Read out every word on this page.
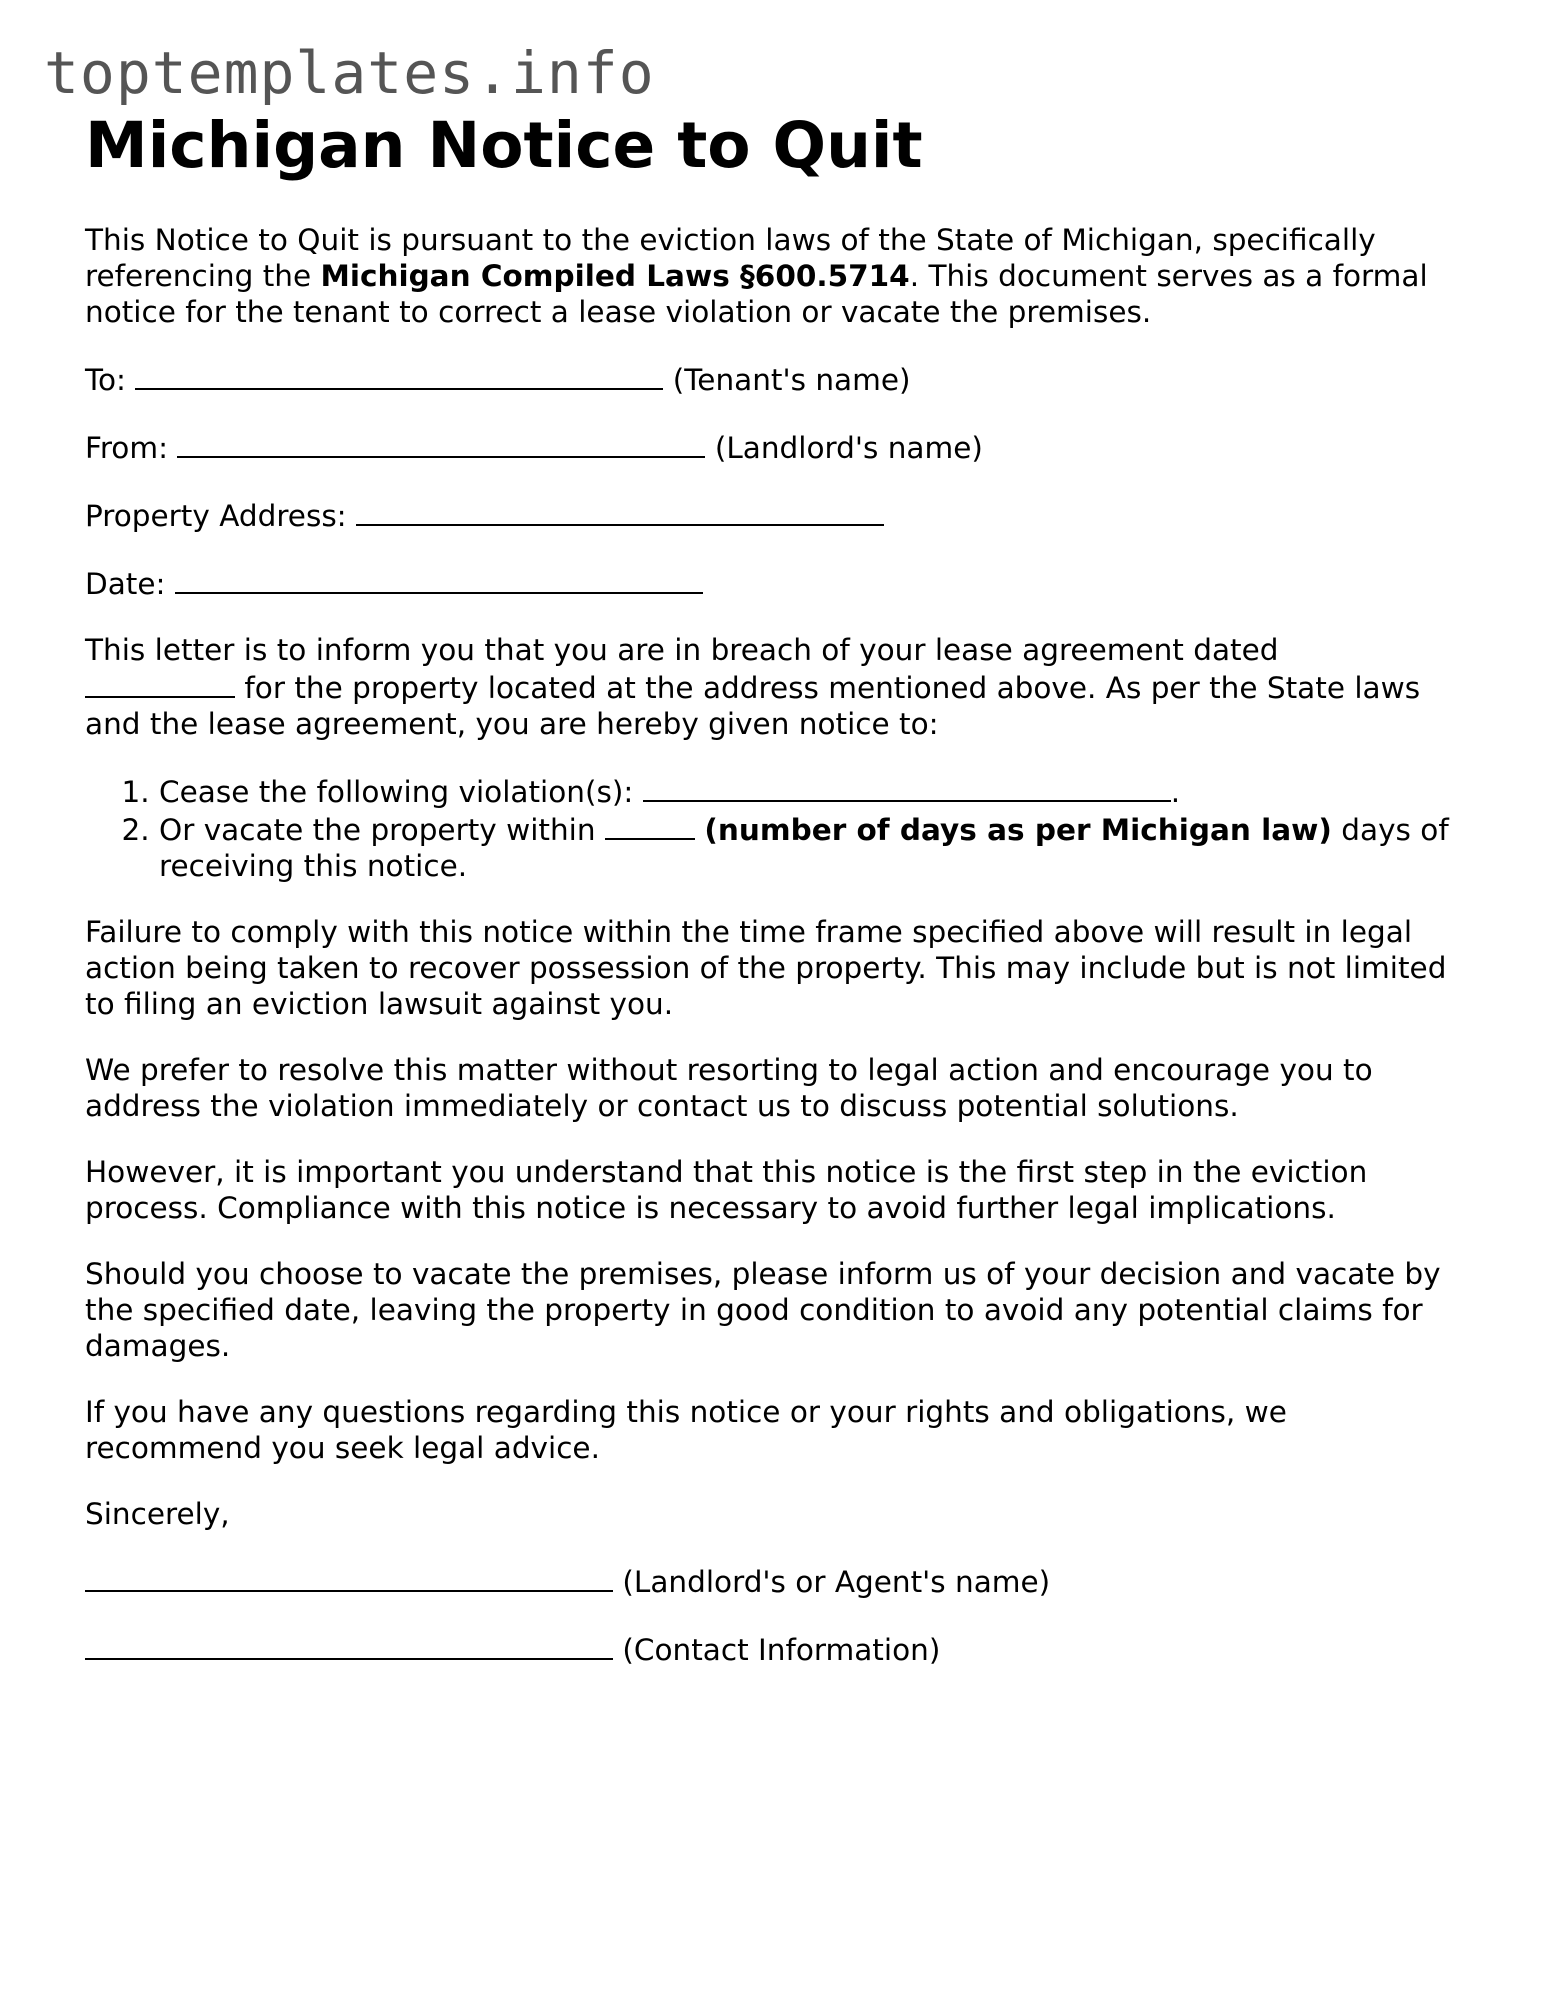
toptemplates.info
Michigan Notice to Quit

This Notice to Quit is pursuant to the eviction laws of the State of Michigan, specifically referencing the Michigan Compiled Laws §600.5714. This document serves as a formal notice for the tenant to correct a lease violation or vacate the premises.

To:	(Tenant's name)

From:	(Landlord's name)

Property Address:

Date:

This letter is to inform you that you are in breach of your lease agreement dated
for the property located at the address mentioned above. As per the State laws and the lease agreement, you are hereby given notice to:

1. Cease the following violation(s):	.
2. Or vacate the property within	(number of days as per Michigan law) days of receiving this notice.

Failure to comply with this notice within the time frame specified above will result in legal action being taken to recover possession of the property. This may include but is not limited to filing an eviction lawsuit against you.

We prefer to resolve this matter without resorting to legal action and encourage you to address the violation immediately or contact us to discuss potential solutions.

However, it is important you understand that this notice is the first step in the eviction process. Compliance with this notice is necessary to avoid further legal implications.

Should you choose to vacate the premises, please inform us of your decision and vacate by the specified date, leaving the property in good condition to avoid any potential claims for damages.

If you have any questions regarding this notice or your rights and obligations, we recommend you seek legal advice.

Sincerely,

(Landlord's or Agent's name)

(Contact Information)
